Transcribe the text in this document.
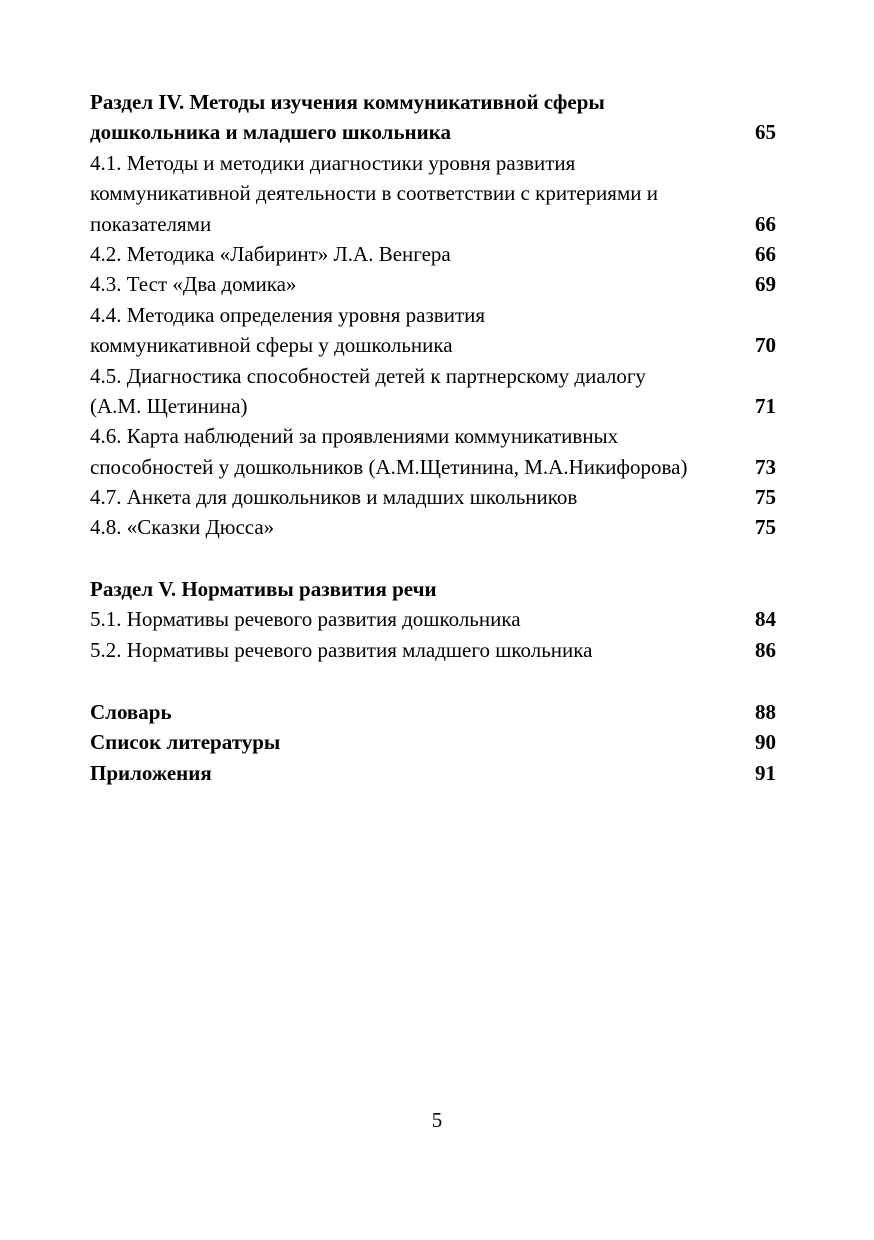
Раздел IV. Методы изучения коммуникативной сферы
дошкольника и младшего школьника	65
4.1. Методы и методики диагностики уровня развития
коммуникативной деятельности в соответствии с критериями и
показателями	66
4.2. Методика «Лабиринт» Л.А. Венгера	66
4.3. Тест «Два домика»	69
4.4. Методика определения уровня развития
коммуникативной сферы у дошкольника	70
4.5. Диагностика способностей детей к партнерскому диалогу
(А.М. Щетинина)	71
4.6. Карта наблюдений за проявлениями коммуникативных
способностей у дошкольников (А.М.Щетинина, М.А.Никифорова)	73
4.7. Анкета для дошкольников и младших школьников	75
4.8. «Сказки Дюсса»	75
Раздел V. Нормативы развития речи
5.1. Нормативы речевого развития дошкольника	84
5.2. Нормативы речевого развития младшего школьника	86
Словарь	88
Список литературы	90
Приложения	91
5
